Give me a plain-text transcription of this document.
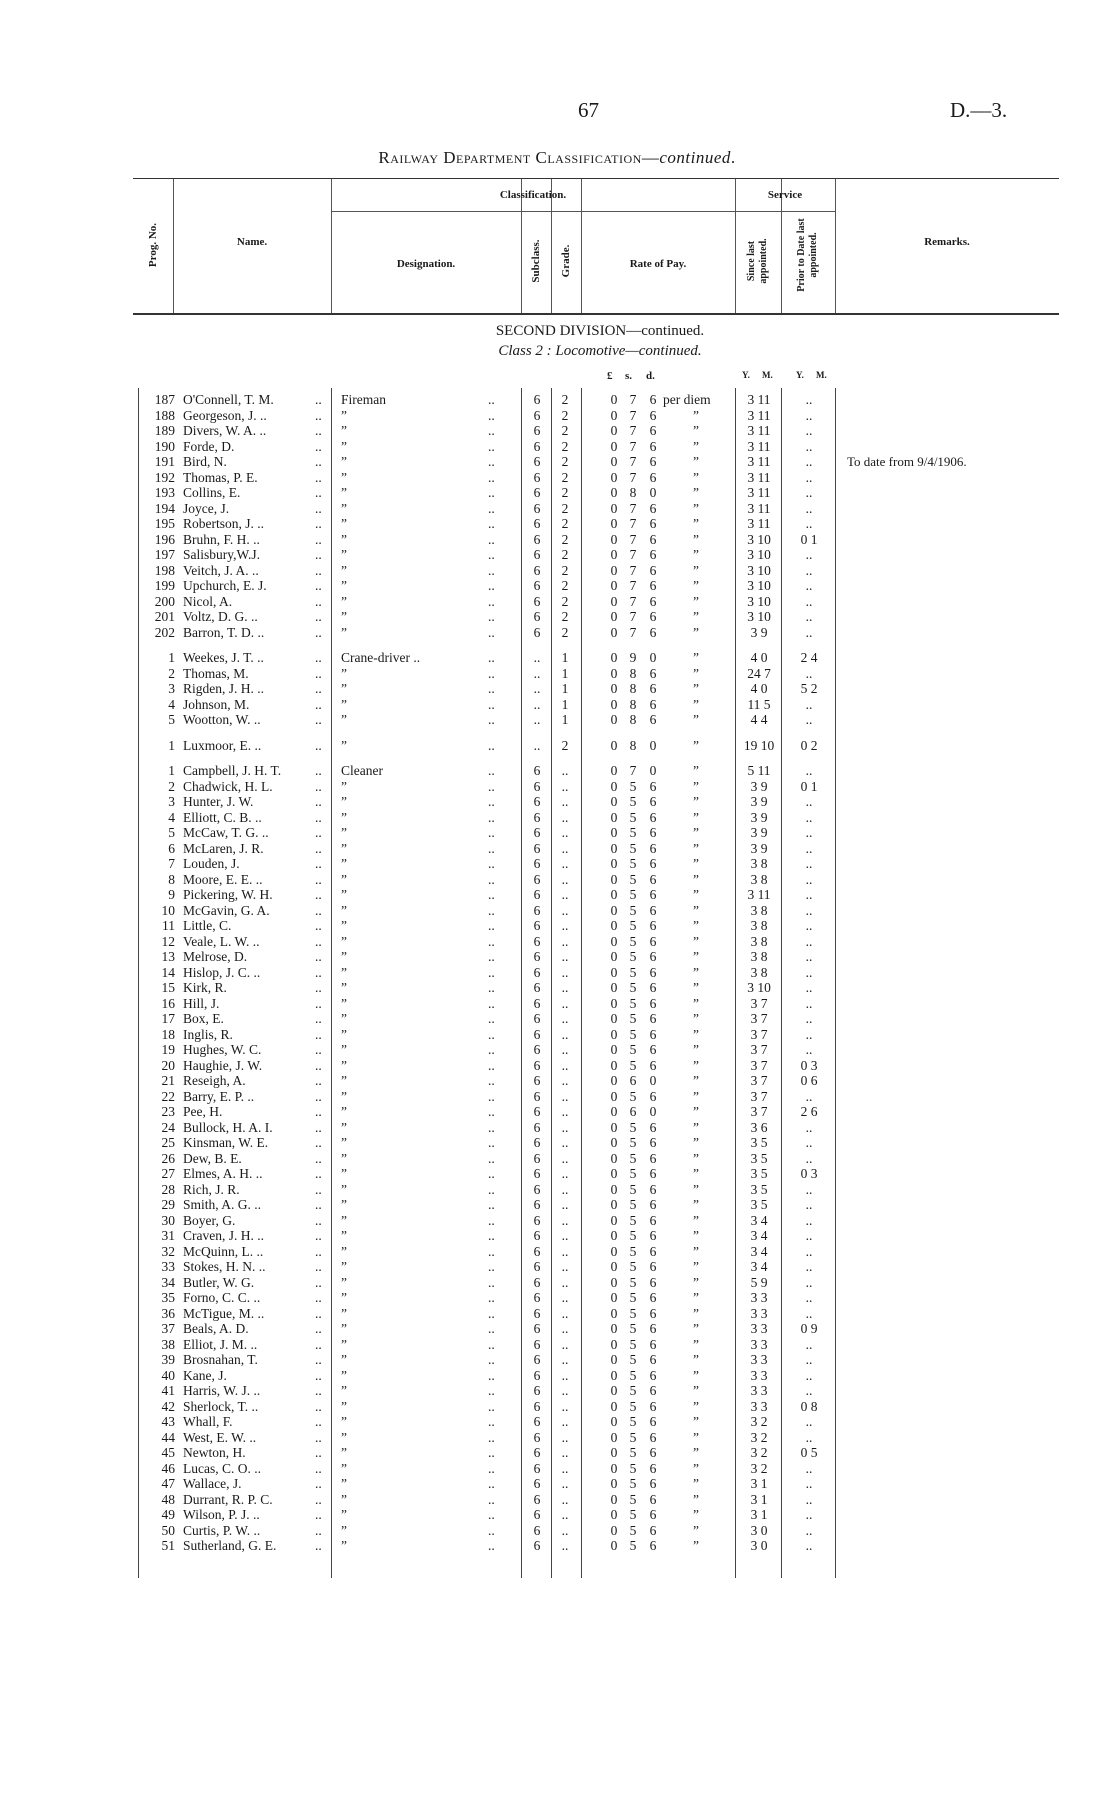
67	D.—3.
Railway Department Classification—continued.
Prog. No.	Name.
Classification.
Designation.	Subclass. Grade.	Rate of Pay.
Service
Since last appointed.	Prior to Date last appointed.	Remarks.
SECOND DIVISION—continued.
Class 2 : Locomotive—continued.
£ s. d.	Y. M.	Y. M.
187 O'Connell, T. M.	.. Fireman	..	6	2	0 7 6 per diem	3 11	..
188 Georgeson, J. ..	.. ”	..	6	2	0 7 6	”	3 11	..
189 Divers, W. A. ..	.. ”	..	6	2	0 7 6	”	3 11	..
190 Forde, D.	.. ”	..	6	2	0 7 6	”	3 11	..
191 Bird, N.	.. ”	..	6	2	0 7 6	”	3 11	..	To date from 9/4/1906.
192 Thomas, P. E.	.. ”	..	6	2	0 7 6	”	3 11	..
193 Collins, E.	.. ”	..	6	2	0 8 0	”	3 11	..
194 Joyce, J.	.. ”	..	6	2	0 7 6	”	3 11	..
195 Robertson, J. ..	.. ”	..	6	2	0 7 6	”	3 11	..
196 Bruhn, F. H. ..	.. ”	..	6	2	0 7 6	”	3 10	0 1
197 Salisbury,W.J.	.. ”	..	6	2	0 7 6	”	3 10	..
198 Veitch, J. A. ..	.. ”	..	6	2	0 7 6	”	3 10	..
199 Upchurch, E. J.	.. ”	..	6	2	0 7 6	”	3 10	..
200 Nicol, A.	.. ”	..	6	2	0 7 6	”	3 10	..
201 Voltz, D. G. ..	.. ”	..	6	2	0 7 6	”	3 10	..
202 Barron, T. D. ..	.. ”	..	6	2	0 7 6	”	3 9	..
1 Weekes, J. T. ..	.. Crane-driver ..	..	..	1	0 9 0	”	4 0	2 4
2 Thomas, M.	.. ”	..	..	1	0 8 6	”	24 7	..
3 Rigden, J. H. ..	.. ”	..	..	1	0 8 6	”	4 0	5 2
4 Johnson, M.	.. ”	..	..	1	0 8 6	”	11 5	..
5 Wootton, W. ..	.. ”	..	..	1	0 8 6	”	4 4	..
1 Luxmoor, E. ..	.. ”	..	..	2	0 8 0	”	19 10	0 2
1 Campbell, J. H. T.	.. Cleaner	..	6	..	0 7 0	”	5 11	..
2 Chadwick, H. L.	.. ”	..	6	..	0 5 6	”	3 9	0 1
3 Hunter, J. W.	.. ”	..	6	..	0 5 6	”	3 9	..
4 Elliott, C. B. ..	.. ”	..	6	..	0 5 6	”	3 9	..
5 McCaw, T. G. ..	.. ”	..	6	..	0 5 6	”	3 9	..
6 McLaren, J. R.	.. ”	..	6	..	0 5 6	”	3 9	..
7 Louden, J.	.. ”	..	6	..	0 5 6	”	3 8	..
8 Moore, E. E. ..	.. ”	..	6	..	0 5 6	”	3 8	..
9 Pickering, W. H.	.. ”	..	6	..	0 5 6	”	3 11	..
10 McGavin, G. A.	.. ”	..	6	..	0 5 6	”	3 8	..
11 Little, C.	.. ”	..	6	..	0 5 6	”	3 8	..
12 Veale, L. W. ..	.. ”	..	6	..	0 5 6	”	3 8	..
13 Melrose, D.	.. ”	..	6	..	0 5 6	”	3 8	..
14 Hislop, J. C. ..	.. ”	..	6	..	0 5 6	”	3 8	..
15 Kirk, R.	.. ”	..	6	..	0 5 6	”	3 10	..
16 Hill, J.	.. ”	..	6	..	0 5 6	”	3 7	..
17 Box, E.	.. ”	..	6	..	0 5 6	”	3 7	..
18 Inglis, R.	.. ”	..	6	..	0 5 6	”	3 7	..
19 Hughes, W. C.	.. ”	..	6	..	0 5 6	”	3 7	..
20 Haughie, J. W.	.. ”	..	6	..	0 5 6	”	3 7	0 3
21 Reseigh, A.	.. ”	..	6	..	0 6 0	”	3 7	0 6
22 Barry, E. P. ..	.. ”	..	6	..	0 5 6	”	3 7	..
23 Pee, H.	.. ”	..	6	..	0 6 0	”	3 7	2 6
24 Bullock, H. A. I.	.. ”	..	6	..	0 5 6	”	3 6	..
25 Kinsman, W. E.	.. ”	..	6	..	0 5 6	”	3 5	..
26 Dew, B. E.	.. ”	..	6	..	0 5 6	”	3 5	..
27 Elmes, A. H. ..	.. ”	..	6	..	0 5 6	”	3 5	0 3
28 Rich, J. R.	.. ”	..	6	..	0 5 6	”	3 5	..
29 Smith, A. G. ..	.. ”	..	6	..	0 5 6	”	3 5	..
30 Boyer, G.	.. ”	..	6	..	0 5 6	”	3 4	..
31 Craven, J. H. ..	.. ”	..	6	..	0 5 6	”	3 4	..
32 McQuinn, L. ..	.. ”	..	6	..	0 5 6	”	3 4	..
33 Stokes, H. N. ..	.. ”	..	6	..	0 5 6	”	3 4	..
34 Butler, W. G.	.. ”	..	6	..	0 5 6	”	5 9	..
35 Forno, C. C. ..	.. ”	..	6	..	0 5 6	”	3 3	..
36 McTigue, M. ..	.. ”	..	6	..	0 5 6	”	3 3	..
37 Beals, A. D.	.. ”	..	6	..	0 5 6	”	3 3	0 9
38 Elliot, J. M. ..	.. ”	..	6	..	0 5 6	”	3 3	..
39 Brosnahan, T.	.. ”	..	6	..	0 5 6	”	3 3	..
40 Kane, J.	.. ”	..	6	..	0 5 6	”	3 3	..
41 Harris, W. J. ..	.. ”	..	6	..	0 5 6	”	3 3	..
42 Sherlock, T. ..	.. ”	..	6	..	0 5 6	”	3 3	0 8
43 Whall, F.	.. ”	..	6	..	0 5 6	”	3 2	..
44 West, E. W. ..	.. ”	..	6	..	0 5 6	”	3 2	..
45 Newton, H.	.. ”	..	6	..	0 5 6	”	3 2	0 5
46 Lucas, C. O. ..	.. ”	..	6	..	0 5 6	”	3 2	..
47 Wallace, J.	.. ”	..	6	..	0 5 6	”	3 1	..
48 Durrant, R. P. C.	.. ”	..	6	..	0 5 6	”	3 1	..
49 Wilson, P. J. ..	.. ”	..	6	..	0 5 6	”	3 1	..
50 Curtis, P. W. ..	.. ”	..	6	..	0 5 6	”	3 0	..
51 Sutherland, G. E.	.. ”	..	6	..	0 5 6	”	3 0	..
